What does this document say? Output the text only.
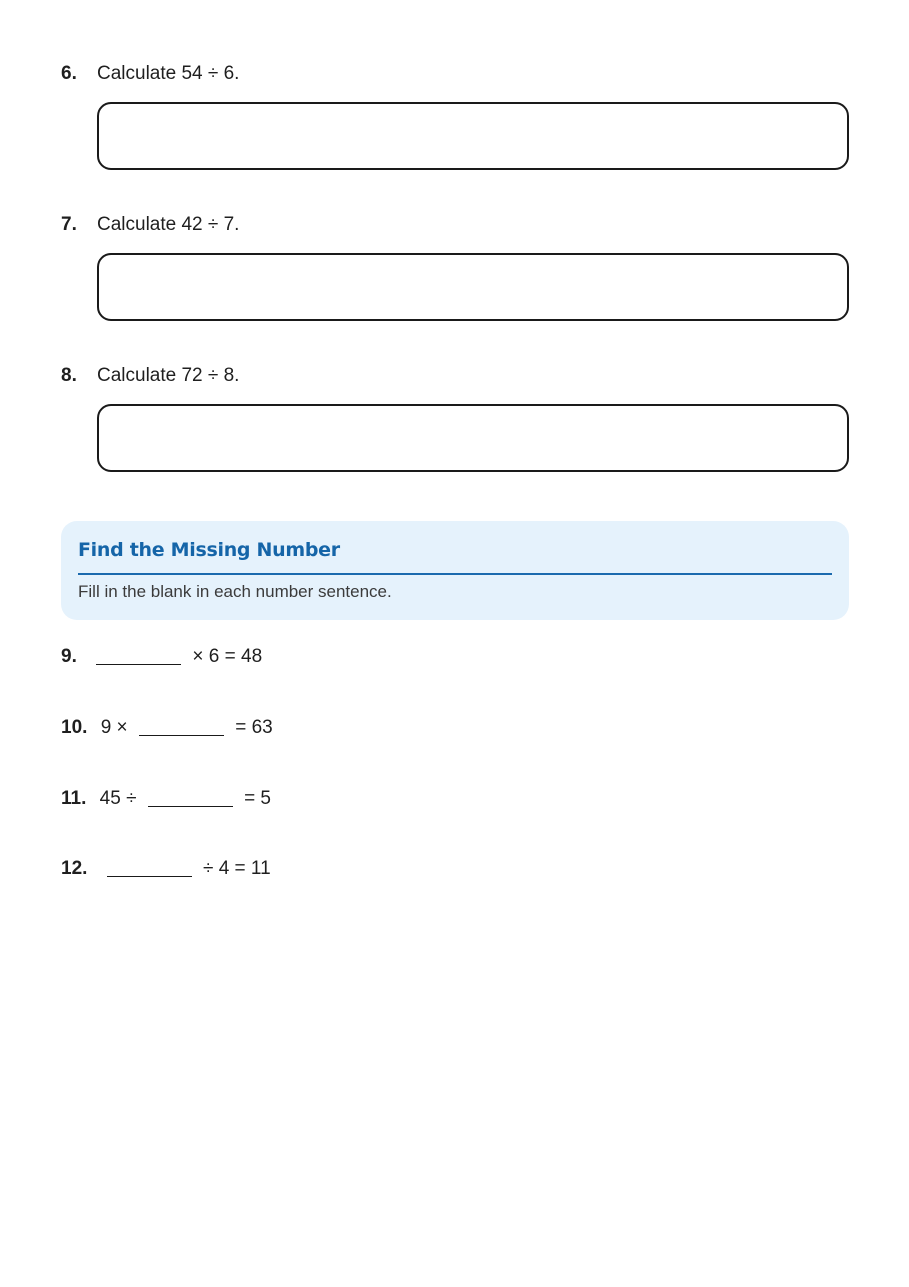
6.	Calculate 54 ÷ 6.
7.	Calculate 42 ÷ 7.
8.	Calculate 72 ÷ 8.
Find the Missing Number
Fill in the blank in each number sentence.
9.	× 6 = 48
10. 9 ×	= 63
11. 45 ÷	= 5
12.	÷ 4 = 11
